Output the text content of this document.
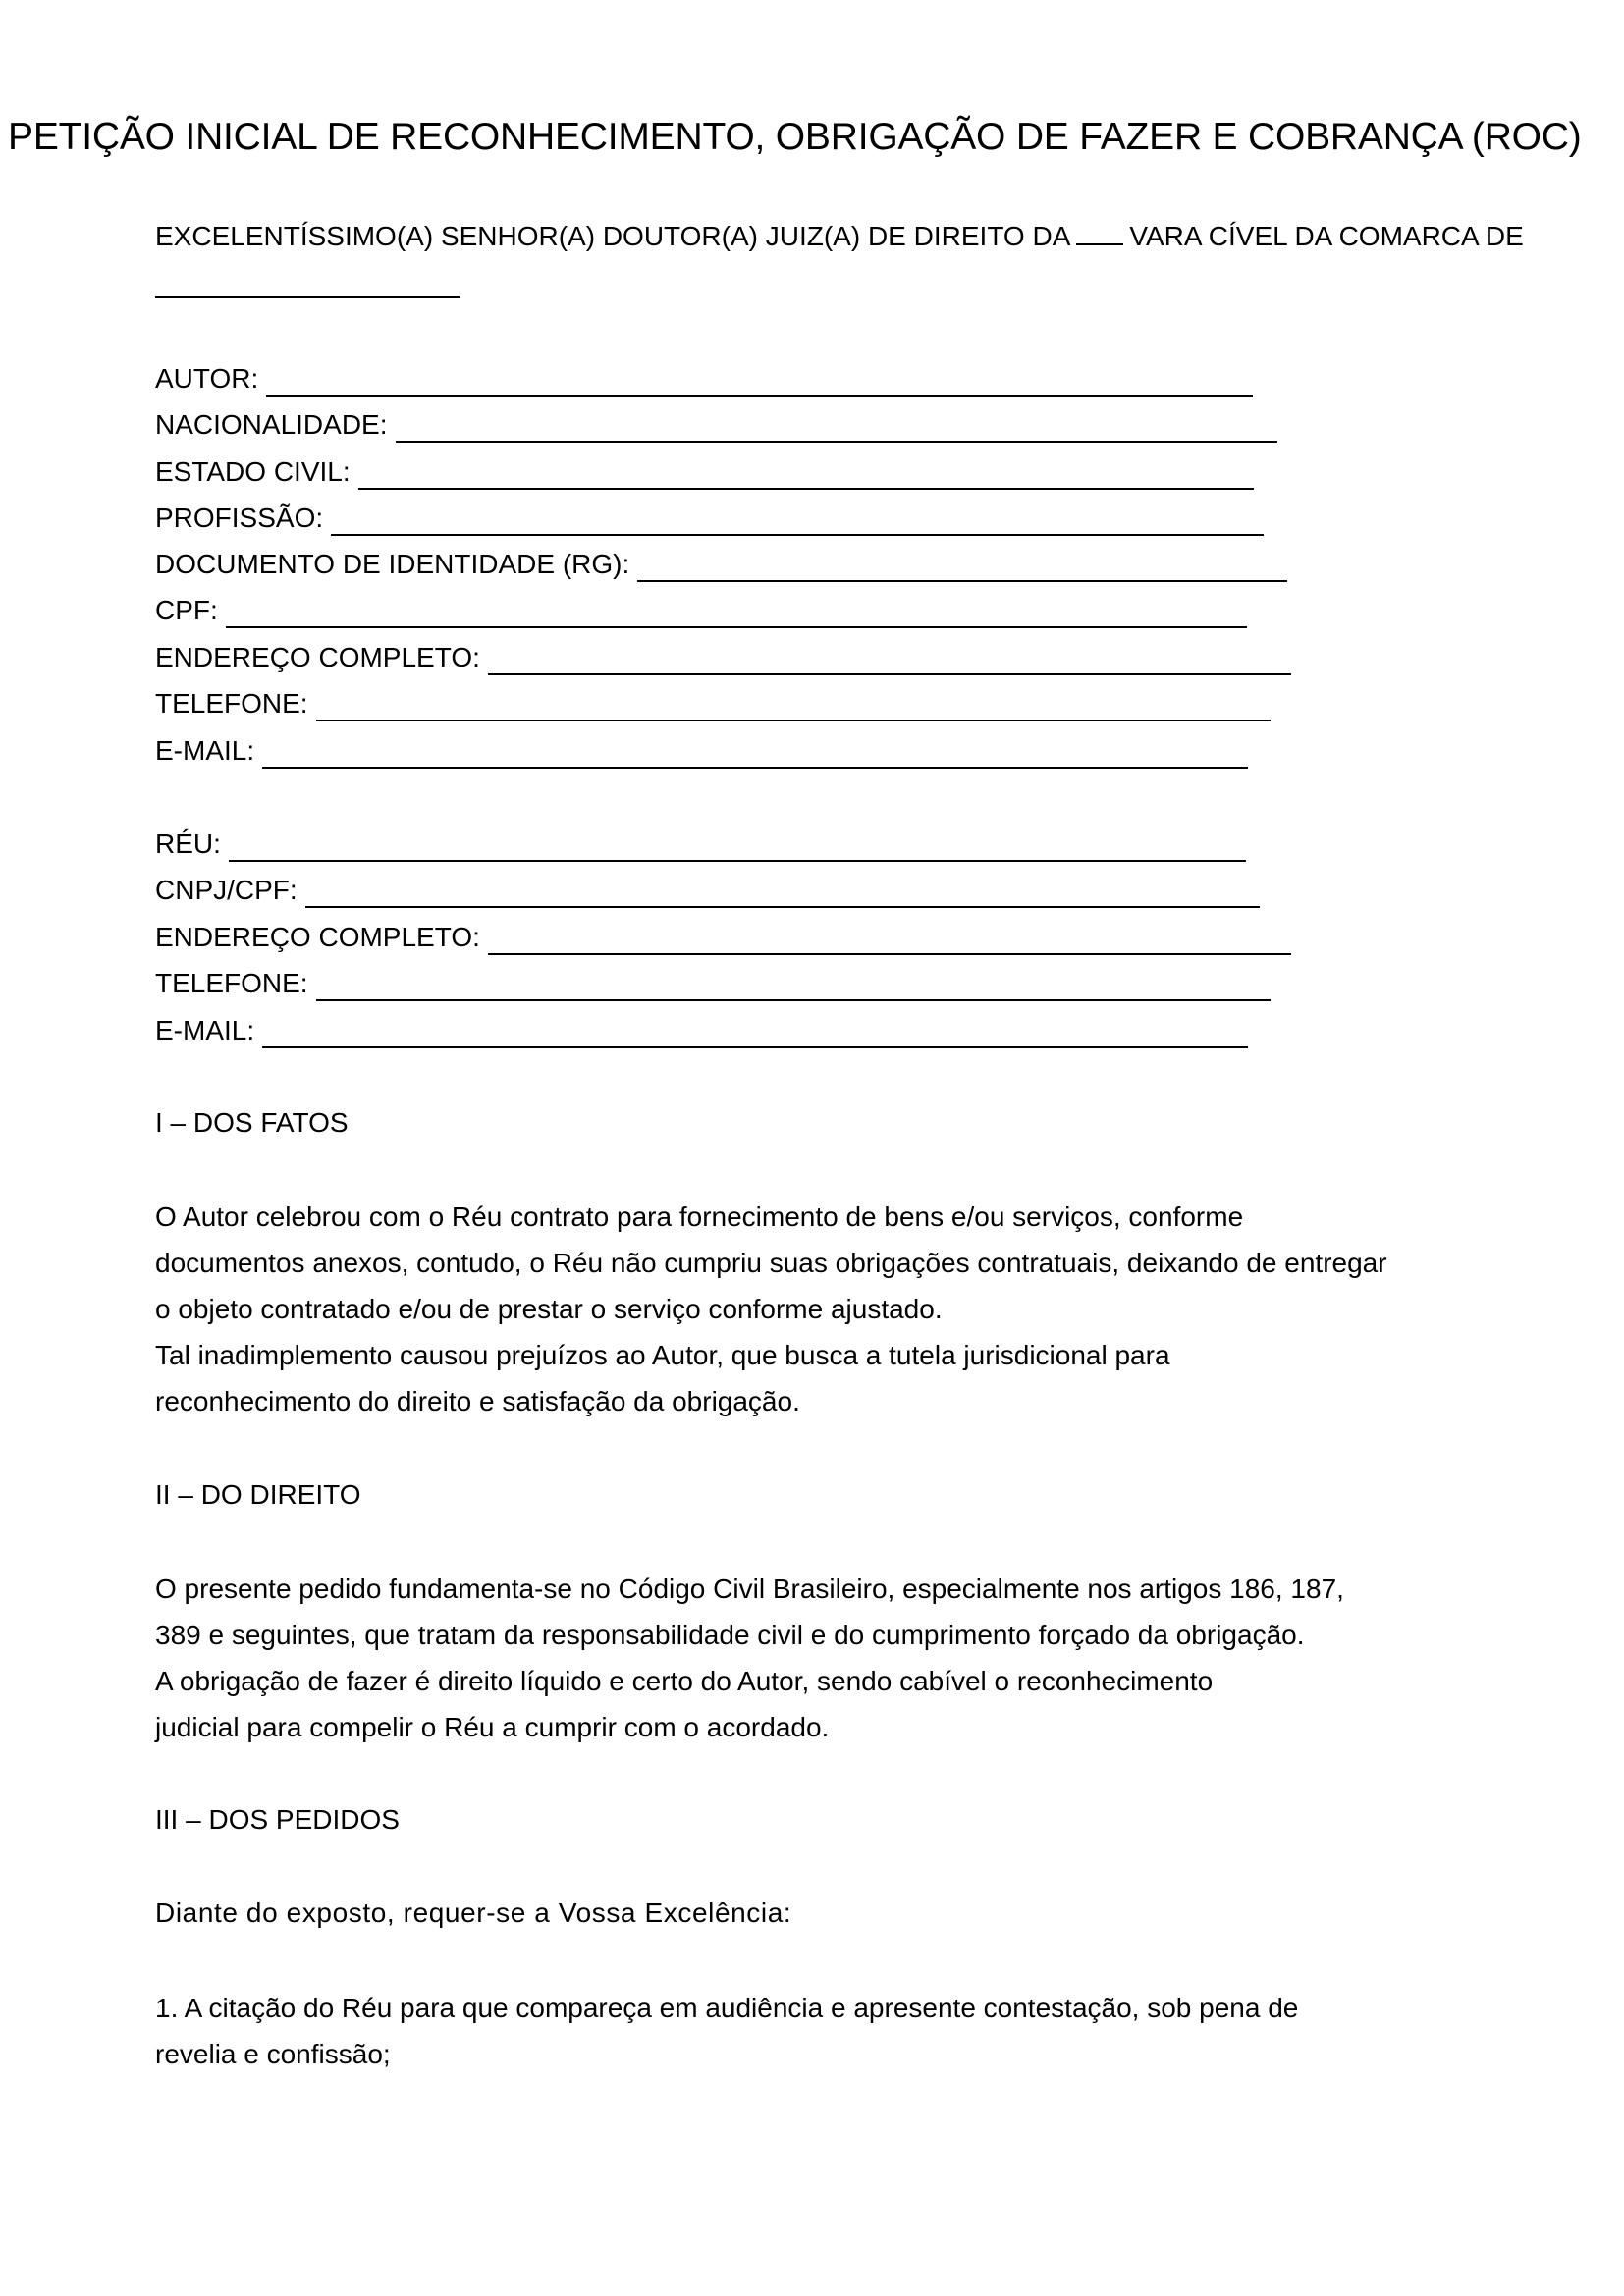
PETIÇÃO INICIAL DE RECONHECIMENTO, OBRIGAÇÃO DE FAZER E COBRANÇA (ROC)
EXCELENTÍSSIMO(A) SENHOR(A) DOUTOR(A) JUIZ(A) DE DIREITO DA VARA CÍVEL DA COMARCA DE
AUTOR:
NACIONALIDADE:
ESTADO CIVIL:
PROFISSÃO:
DOCUMENTO DE IDENTIDADE (RG):
CPF:
ENDEREÇO COMPLETO:
TELEFONE:
E-MAIL:
RÉU:
CNPJ/CPF:
ENDEREÇO COMPLETO:
TELEFONE:
E-MAIL:
I – DOS FATOS
O Autor celebrou com o Réu contrato para fornecimento de bens e/ou serviços, conforme
documentos anexos, contudo, o Réu não cumpriu suas obrigações contratuais, deixando de entregar
o objeto contratado e/ou de prestar o serviço conforme ajustado.
Tal inadimplemento causou prejuízos ao Autor, que busca a tutela jurisdicional para
reconhecimento do direito e satisfação da obrigação.
II – DO DIREITO
O presente pedido fundamenta-se no Código Civil Brasileiro, especialmente nos artigos 186, 187,
389 e seguintes, que tratam da responsabilidade civil e do cumprimento forçado da obrigação.
A obrigação de fazer é direito líquido e certo do Autor, sendo cabível o reconhecimento
judicial para compelir o Réu a cumprir com o acordado.
III – DOS PEDIDOS
Diante do exposto, requer-se a Vossa Excelência:
1. A citação do Réu para que compareça em audiência e apresente contestação, sob pena de
revelia e confissão;
